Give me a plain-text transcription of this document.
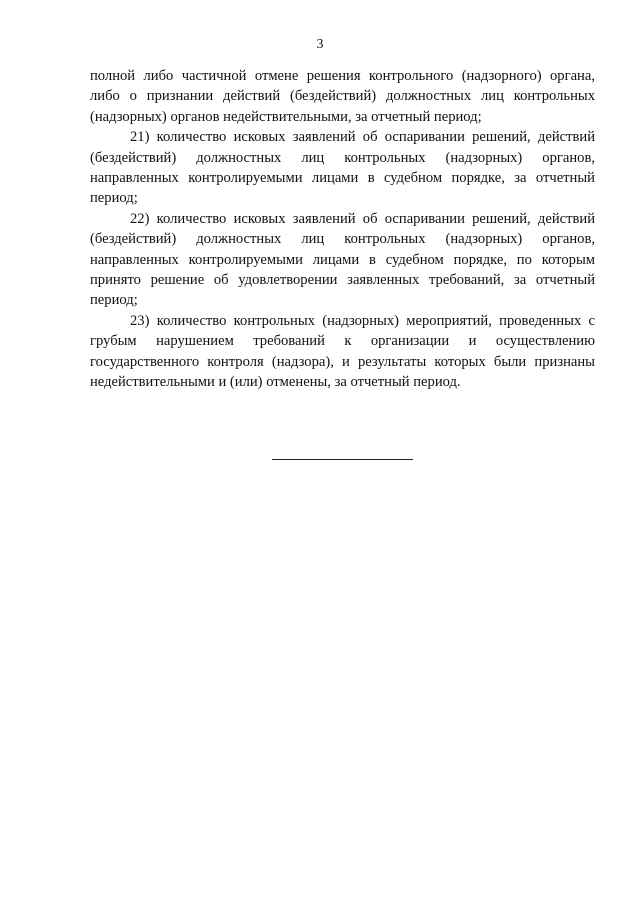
3

полной либо частичной отмене решения контрольного (надзорного) органа, либо о признании действий (бездействий) должностных лиц контрольных (надзорных) органов недействительными, за отчетный период;

21) количество исковых заявлений об оспаривании решений, действий (бездействий) должностных лиц контрольных (надзорных) органов, направленных контролируемыми лицами в судебном порядке, за отчетный период;

22) количество исковых заявлений об оспаривании решений, действий (бездействий) должностных лиц контрольных (надзорных) органов, направленных контролируемыми лицами в судебном порядке, по которым принято решение об удовлетворении заявленных требований, за отчетный период;

23) количество контрольных (надзорных) мероприятий, проведенных с грубым нарушением требований к организации и осуществлению государственного контроля (надзора), и результаты которых были признаны недействительными и (или) отменены, за отчетный период.
